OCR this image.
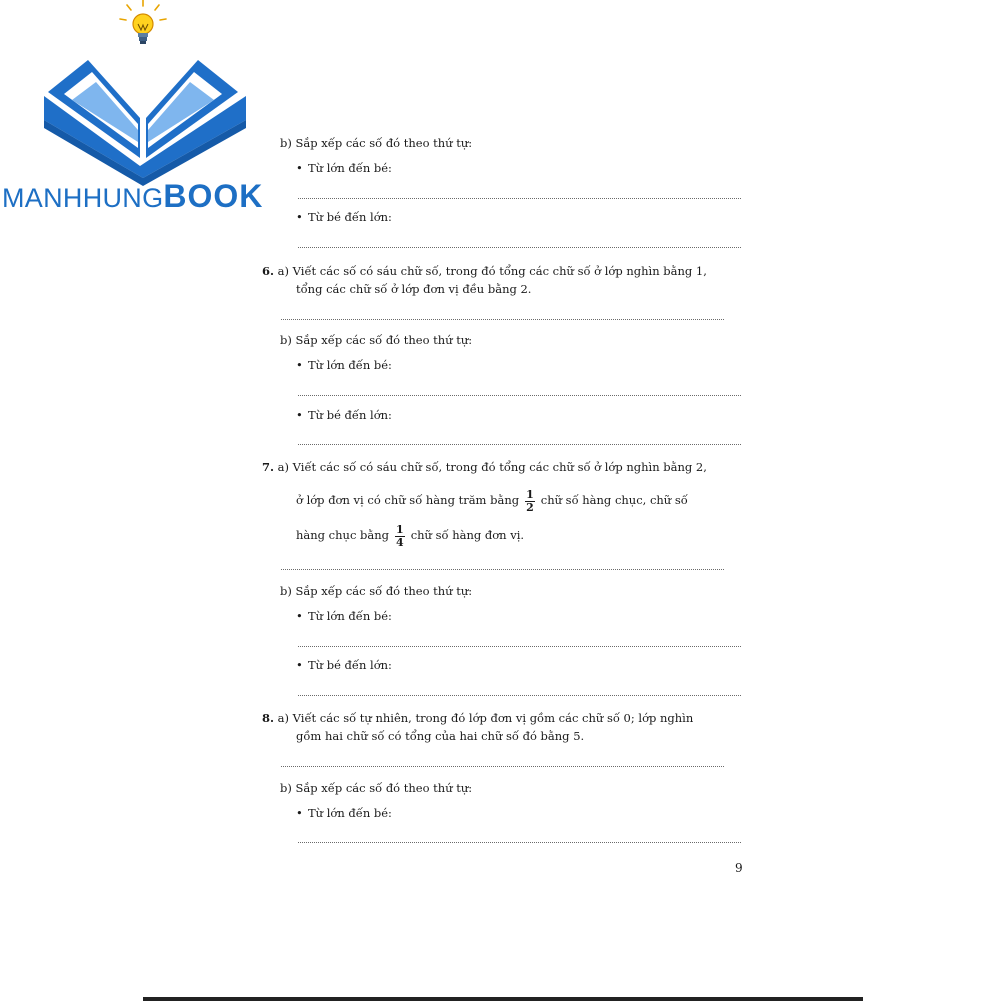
MANHHUNGBOOK
b) Sắp xếp các số đó theo thứ tự:
• Từ lớn đến bé:
• Từ bé đến lớn:
6. a) Viết các số có sáu chữ số, trong đó tổng các chữ số ở lớp nghìn bằng 1,
tổng các chữ số ở lớp đơn vị đều bằng 2.
b) Sắp xếp các số đó theo thứ tự:
• Từ lớn đến bé:
• Từ bé đến lớn:
7. a) Viết các số có sáu chữ số, trong đó tổng các chữ số ở lớp nghìn bằng 2,
ở lớp đơn vị có chữ số hàng trăm bằng $\frac{1}{2}$ chữ số hàng chục, chữ số
hàng chục bằng $\frac{1}{4}$ chữ số hàng đơn vị.
b) Sắp xếp các số đó theo thứ tự:
• Từ lớn đến bé:
• Từ bé đến lớn:
8. a) Viết các số tự nhiên, trong đó lớp đơn vị gồm các chữ số 0; lớp nghìn
gồm hai chữ số có tổng của hai chữ số đó bằng 5.
b) Sắp xếp các số đó theo thứ tự:
• Từ lớn đến bé:
9
